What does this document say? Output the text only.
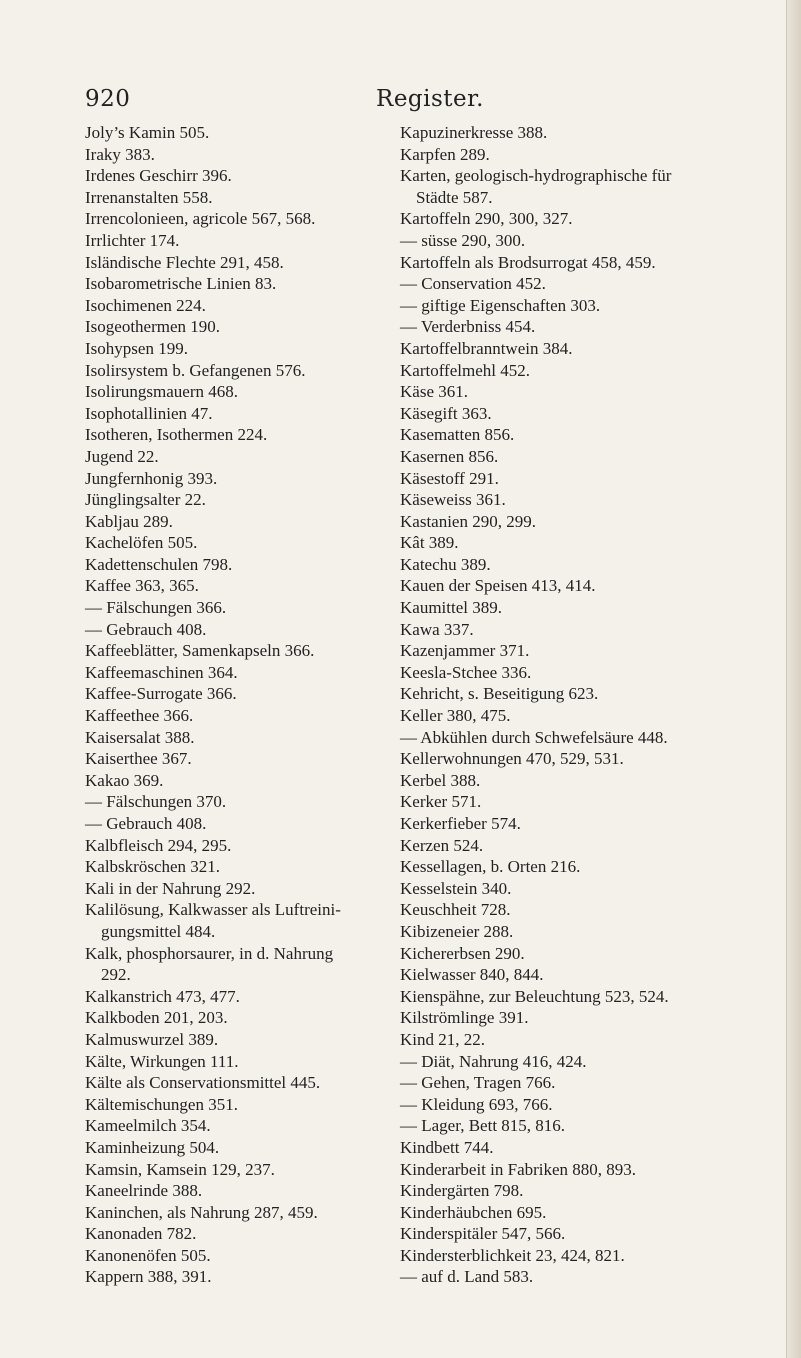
920	Register.
Joly’s Kamin 505.
Iraky 383.
Irdenes Geschirr 396.
Irrenanstalten 558.
Irrencolonieen, agricole 567, 568.
Irrlichter 174.
Isländische Flechte 291, 458.
Isobarometrische Linien 83.
Isochimenen 224.
Isogeothermen 190.
Isohypsen 199.
Isolirsystem b. Gefangenen 576.
Isolirungsmauern 468.
Isophotallinien 47.
Isotheren, Isothermen 224.
Jugend 22.
Jungfernhonig 393.
Jünglingsalter 22.
Kabljau 289.
Kachelöfen 505.
Kadettenschulen 798.
Kaffee 363, 365.
— Fälschungen 366.
— Gebrauch 408.
Kaffeeblätter, Samenkapseln 366.
Kaffeemaschinen 364.
Kaffee-Surrogate 366.
Kaffeethee 366.
Kaisersalat 388.
Kaiserthee 367.
Kakao 369.
— Fälschungen 370.
— Gebrauch 408.
Kalbfleisch 294, 295.
Kalbskröschen 321.
Kali in der Nahrung 292.
Kalilösung, Kalkwasser als Luftreini-
gungsmittel 484.
Kalk, phosphorsaurer, in d. Nahrung
292.
Kalkanstrich 473, 477.
Kalkboden 201, 203.
Kalmuswurzel 389.
Kälte, Wirkungen 111.
Kälte als Conservationsmittel 445.
Kältemischungen 351.
Kameelmilch 354.
Kaminheizung 504.
Kamsin, Kamsein 129, 237.
Kaneelrinde 388.
Kaninchen, als Nahrung 287, 459.
Kanonaden 782.
Kanonenöfen 505.
Kappern 388, 391.
Kapuzinerkresse 388.
Karpfen 289.
Karten, geologisch-hydrographische für
Städte 587.
Kartoffeln 290, 300, 327.
— süsse 290, 300.
Kartoffeln als Brodsurrogat 458, 459.
— Conservation 452.
— giftige Eigenschaften 303.
— Verderbniss 454.
Kartoffelbranntwein 384.
Kartoffelmehl 452.
Käse 361.
Käsegift 363.
Kasematten 856.
Kasernen 856.
Käsestoff 291.
Käseweiss 361.
Kastanien 290, 299.
Kât 389.
Katechu 389.
Kauen der Speisen 413, 414.
Kaumittel 389.
Kawa 337.
Kazenjammer 371.
Keesla-Stchee 336.
Kehricht, s. Beseitigung 623.
Keller 380, 475.
— Abkühlen durch Schwefelsäure 448.
Kellerwohnungen 470, 529, 531.
Kerbel 388.
Kerker 571.
Kerkerfieber 574.
Kerzen 524.
Kessellagen, b. Orten 216.
Kesselstein 340.
Keuschheit 728.
Kibizeneier 288.
Kichererbsen 290.
Kielwasser 840, 844.
Kienspähne, zur Beleuchtung 523, 524.
Kilströmlinge 391.
Kind 21, 22.
— Diät, Nahrung 416, 424.
— Gehen, Tragen 766.
— Kleidung 693, 766.
— Lager, Bett 815, 816.
Kindbett 744.
Kinderarbeit in Fabriken 880, 893.
Kindergärten 798.
Kinderhäubchen 695.
Kinderspitäler 547, 566.
Kindersterblichkeit 23, 424, 821.
— auf d. Land 583.
